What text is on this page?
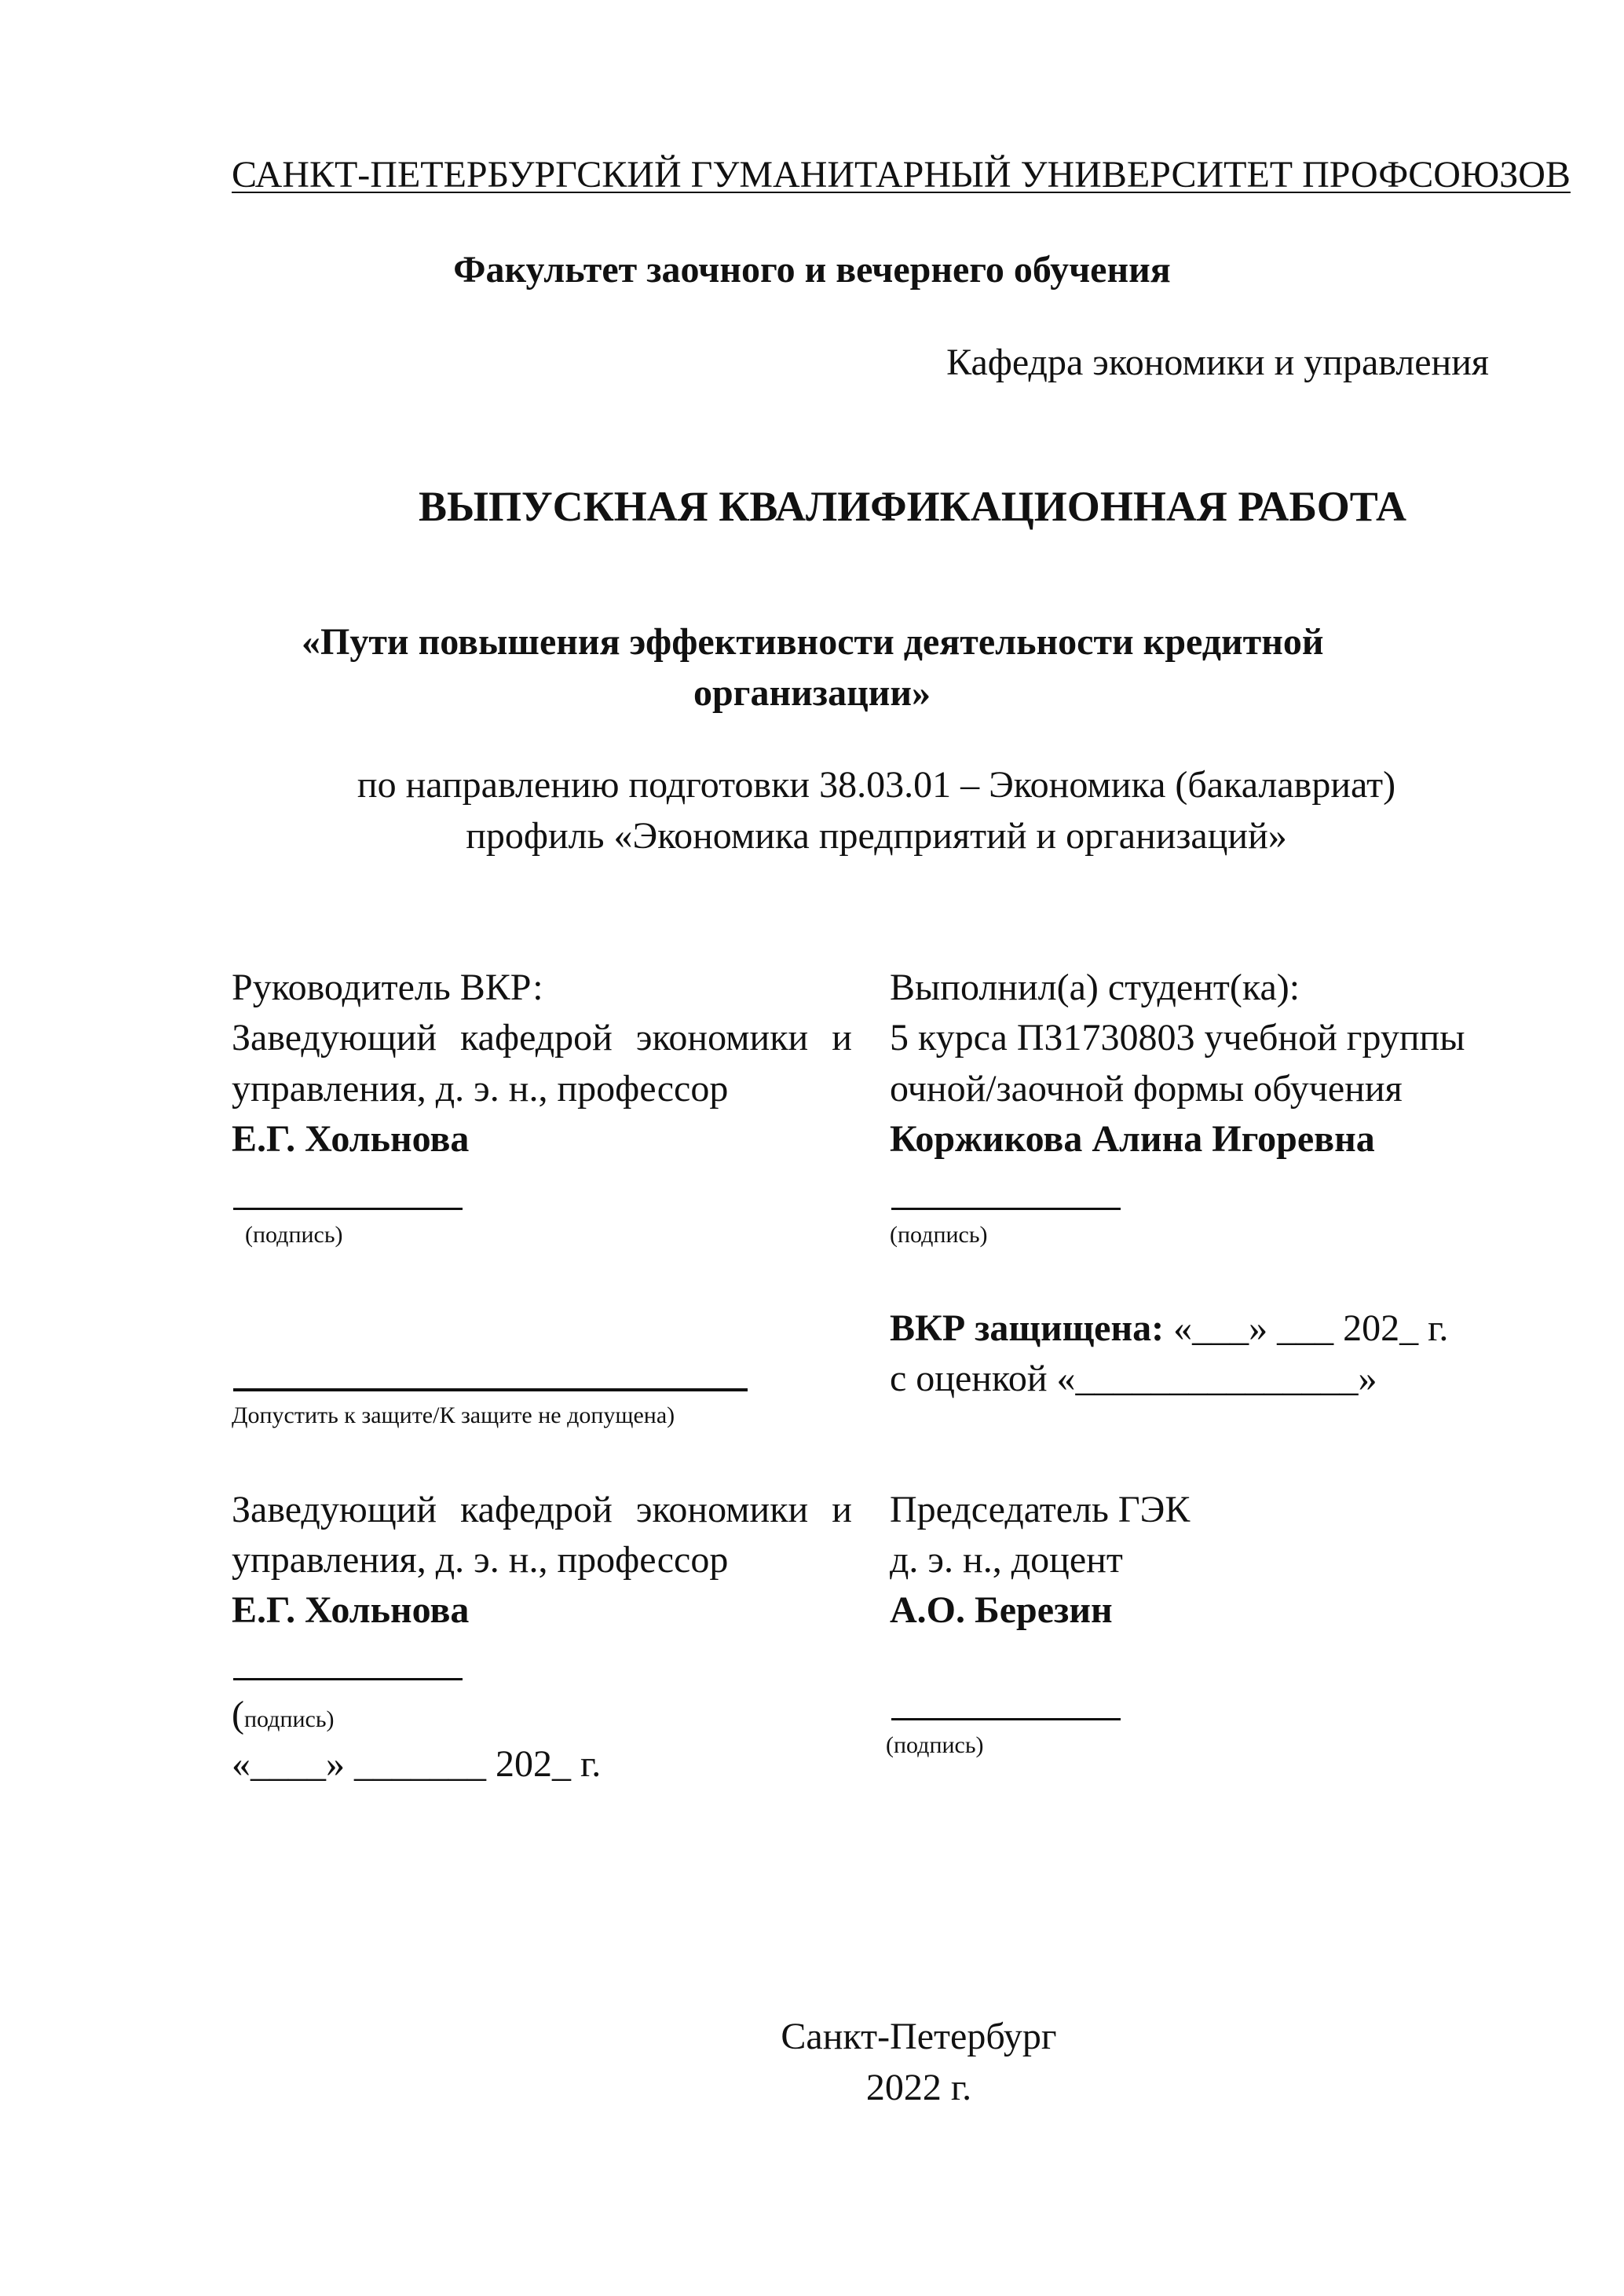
САНКТ-ПЕТЕРБУРГСКИЙ ГУМАНИТАРНЫЙ УНИВЕРСИТЕТ ПРОФСОЮЗОВ
Факультет заочного и вечернего обучения
Кафедра экономики и управления
ВЫПУСКНАЯ КВАЛИФИКАЦИОННАЯ РАБОТА
«Пути повышения эффективности деятельности кредитной
организации»
по направлению подготовки 38.03.01 – Экономика (бакалавриат)
профиль «Экономика предприятий и организаций»
Руководитель ВКР:
Заведующий кафедрой экономики и
управления, д. э. н., профессор
Е.Г. Хольнова
(подпись)
Выполнил(а) студент(ка):
5 курса ПЗ1730803 учебной группы
очной/заочной формы обучения
Коржикова Алина Игоревна
(подпись)
Допустить к защите/К защите не допущена)
ВКР защищена: «___» ___ 202_ г.
с оценкой «_______________»
Заведующий кафедрой экономики и
управления, д. э. н., профессор
Е.Г. Хольнова
(подпись)
«____» _______ 202_ г.
Председатель ГЭК
д. э. н., доцент
А.О. Березин
(подпись)
Санкт-Петербург
2022 г.
